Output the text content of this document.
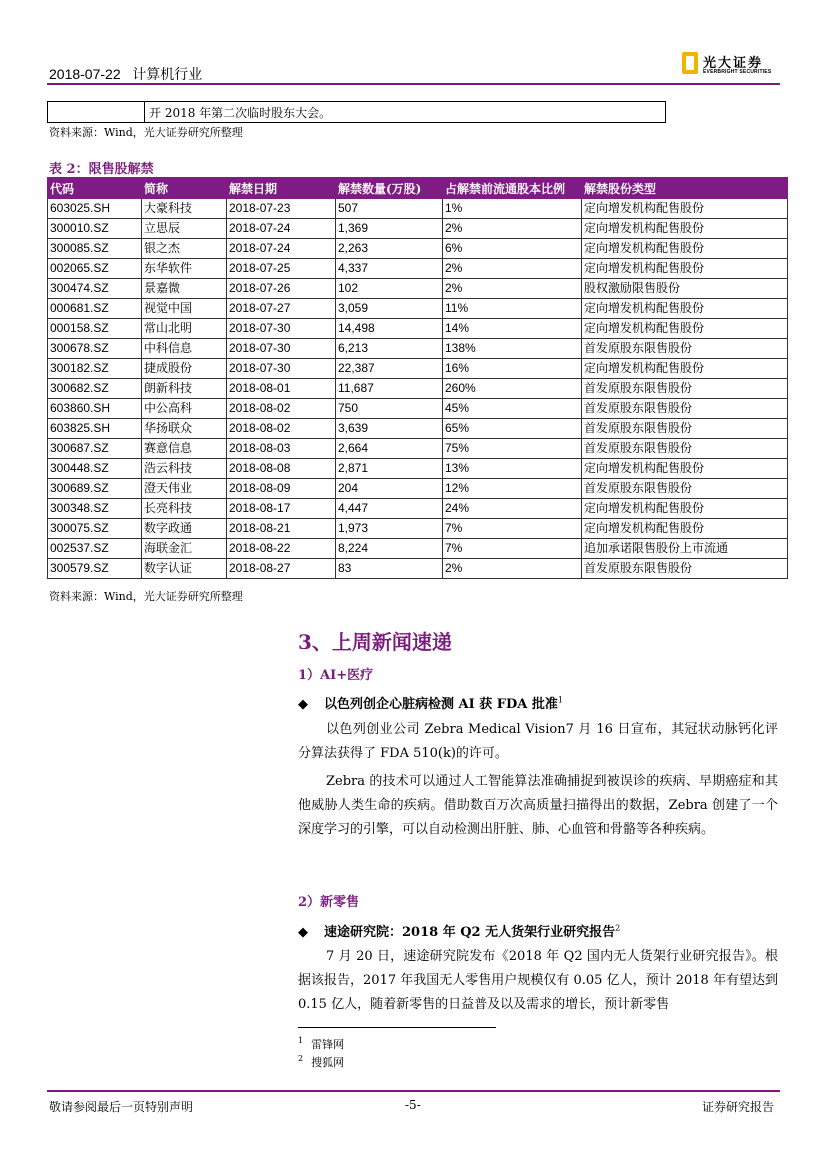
2018-07-22 计算机行业
光大证券
EVERBRIGHT SECURITIES
开 2018 年第二次临时股东大会。
资料来源：Wind，光大证券研究所整理
表 2：限售股解禁
代码	简称	解禁日期	解禁数量(万股)	占解禁前流通股本比例	解禁股份类型
603025.SH	大豪科技	2018-07-23	507	1%	定向增发机构配售股份
300010.SZ	立思辰	2018-07-24	1,369	2%	定向增发机构配售股份
300085.SZ	银之杰	2018-07-24	2,263	6%	定向增发机构配售股份
002065.SZ	东华软件	2018-07-25	4,337	2%	定向增发机构配售股份
300474.SZ	景嘉微	2018-07-26	102	2%	股权激励限售股份
000681.SZ	视觉中国	2018-07-27	3,059	11%	定向增发机构配售股份
000158.SZ	常山北明	2018-07-30	14,498	14%	定向增发机构配售股份
300678.SZ	中科信息	2018-07-30	6,213	138%	首发原股东限售股份
300182.SZ	捷成股份	2018-07-30	22,387	16%	定向增发机构配售股份
300682.SZ	朗新科技	2018-08-01	11,687	260%	首发原股东限售股份
603860.SH	中公高科	2018-08-02	750	45%	首发原股东限售股份
603825.SH	华扬联众	2018-08-02	3,639	65%	首发原股东限售股份
300687.SZ	赛意信息	2018-08-03	2,664	75%	首发原股东限售股份
300448.SZ	浩云科技	2018-08-08	2,871	13%	定向增发机构配售股份
300689.SZ	澄天伟业	2018-08-09	204	12%	首发原股东限售股份
300348.SZ	长亮科技	2018-08-17	4,447	24%	定向增发机构配售股份
300075.SZ	数字政通	2018-08-21	1,973	7%	定向增发机构配售股份
002537.SZ	海联金汇	2018-08-22	8,224	7%	追加承诺限售股份上市流通
300579.SZ	数字认证	2018-08-27	83	2%	首发原股东限售股份
资料来源：Wind，光大证券研究所整理
3、上周新闻速递
1）AI+医疗
◆ 以色列创企心脏病检测 AI 获 FDA 批准$^1$

以色列创业公司 Zebra Medical Vision7 月 16 日宣布，其冠状动脉钙化评分算法获得了 FDA 510(k)的许可。

Zebra 的技术可以通过人工智能算法准确捕捉到被误诊的疾病、早期癌症和其他威胁人类生命的疾病。借助数百万次高质量扫描得出的数据，Zebra 创建了一个深度学习的引擎，可以自动检测出肝脏、肺、心血管和骨骼等各种疾病。

2）新零售
◆ 速途研究院：2018 年 Q2 无人货架行业研究报告$^2$

7 月 20 日，速途研究院发布《2018 年 Q2 国内无人货架行业研究报告》。根据该报告，2017 年我国无人零售用户规模仅有 0.05 亿人，预计 2018 年有望达到 0.15 亿人，随着新零售的日益普及以及需求的增长，预计新零售

$^1$ 雷锋网
$^2$ 搜狐网
敬请参阅最后一页特别声明	-5-	证券研究报告
